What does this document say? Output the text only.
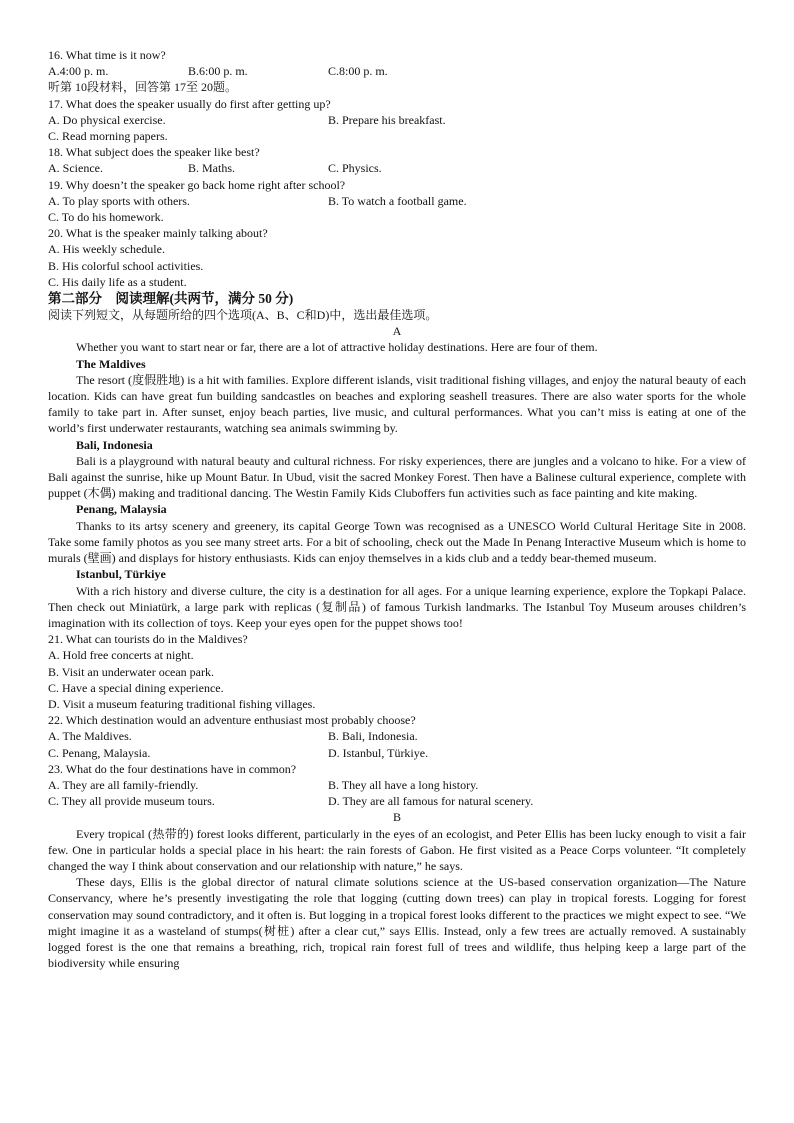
16. What time is it now?
A.4:00 p. m.	B.6:00 p. m.	C.8:00 p. m.
听第 10段材料，回答第 17至 20题。
17. What does the speaker usually do first after getting up?
A. Do physical exercise.	B. Prepare his breakfast.
C. Read morning papers.
18. What subject does the speaker like best?
A. Science.	B. Maths.	C. Physics.
19. Why doesn’t the speaker go back home right after school?
A. To play sports with others.	B. To watch a football game.
C. To do his homework.
20. What is the speaker mainly talking about?
A. His weekly schedule.
B. His colorful school activities.
C. His daily life as a student.
第二部分　阅读理解(共两节，满分 50 分)
阅读下列短文，从每题所给的四个选项(A、B、C和D)中，选出最佳选项。
A

Whether you want to start near or far, there are a lot of attractive holiday destinations. Here are four of them.

The Maldives

The resort (度假胜地) is a hit with families. Explore different islands, visit traditional fishing villages, and enjoy the natural beauty of each location. Kids can have great fun building sandcastles on beaches and exploring seashell treasures. There are also water sports for the whole family to take part in. After sunset, enjoy beach parties, live music, and cultural performances. What you can’t miss is eating at one of the world’s first underwater restaurants, watching sea animals swimming by.

Bali, Indonesia

Bali is a playground with natural beauty and cultural richness. For risky experiences, there are jungles and a volcano to hike. For a view of Bali against the sunrise, hike up Mount Batur. In Ubud, visit the sacred Monkey Forest. Then have a Balinese cultural experience, complete with puppet (木偶) making and traditional dancing. The Westin Family Kids Cluboffers fun activities such as face painting and kite making.

Penang, Malaysia

Thanks to its artsy scenery and greenery, its capital George Town was recognised as a UNESCO World Cultural Heritage Site in 2008. Take some family photos as you see many street arts. For a bit of schooling, check out the Made In Penang Interactive Museum which is home to murals (壁画) and displays for history enthusiasts. Kids can enjoy themselves in a kids club and a teddy bear-themed museum.

Istanbul, Türkiye

With a rich history and diverse culture, the city is a destination for all ages. For a unique learning experience, explore the Topkapi Palace. Then check out Miniatürk, a large park with replicas (复制品) of famous Turkish landmarks. The Istanbul Toy Museum arouses children’s imagination with its collection of toys. Keep your eyes open for the puppet shows too!

21. What can tourists do in the Maldives?
A. Hold free concerts at night.
B. Visit an underwater ocean park.
C. Have a special dining experience.
D. Visit a museum featuring traditional fishing villages.
22. Which destination would an adventure enthusiast most probably choose?
A. The Maldives.	B. Bali, Indonesia.
C. Penang, Malaysia.	D. Istanbul, Türkiye.
23. What do the four destinations have in common?
A. They are all family-friendly.	B. They all have a long history.
C. They all provide museum tours.	D. They are all famous for natural scenery.
B

Every tropical (热带的) forest looks different, particularly in the eyes of an ecologist, and Peter Ellis has been lucky enough to visit a fair few. One in particular holds a special place in his heart: the rain forests of Gabon. He first visited as a Peace Corps volunteer. “It completely changed the way I think about conservation and our relationship with nature,” he says.

These days, Ellis is the global director of natural climate solutions science at the US-based conservation organization—The Nature Conservancy, where he’s presently investigating the role that logging (cutting down trees) can play in tropical forests. Logging for forest conservation may sound contradictory, and it often is. But logging in a tropical forest looks different to the practices we might expect to see. “We might imagine it as a wasteland of stumps(树桩) after a clear cut,” says Ellis. Instead, only a few trees are actually removed. A sustainably logged forest is the one that remains a breathing, rich, tropical rain forest full of trees and wildlife, thus helping keep a large part of the biodiversity while ensuring
